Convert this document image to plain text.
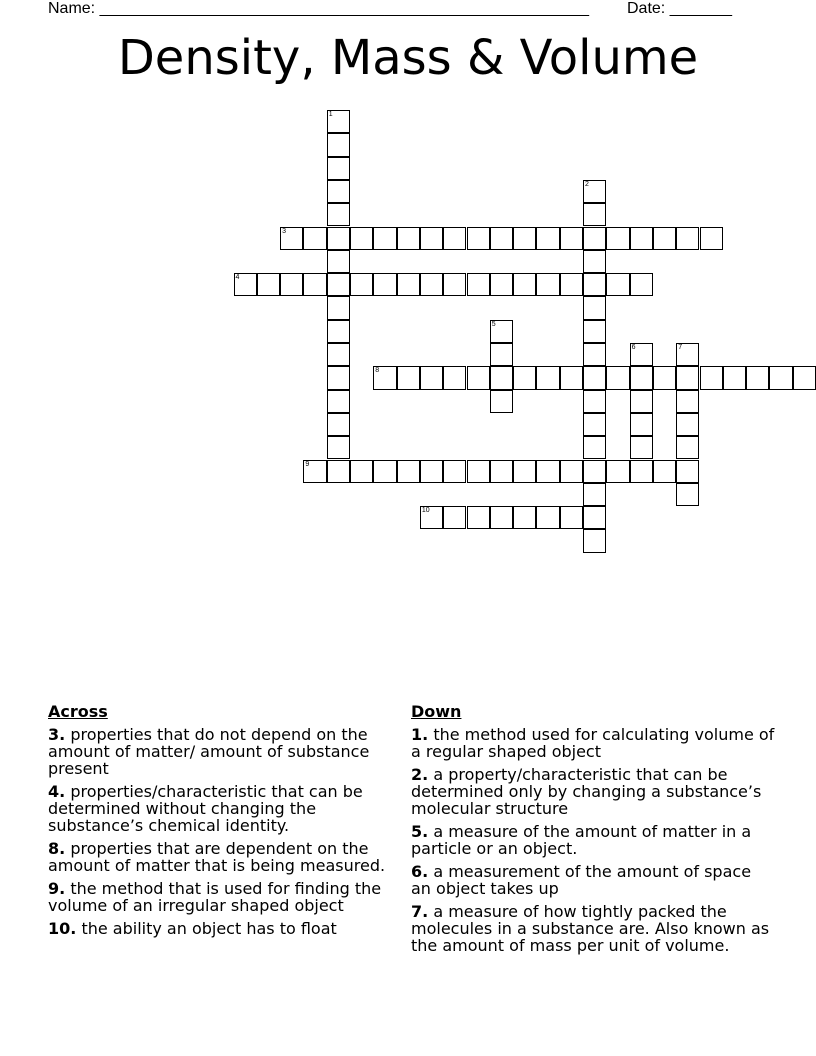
Name: _______________________________________________________ Date: _______
Density, Mass & Volume
3
4
8
9
10
1
2
5
6	7
Across
3. properties that do not depend on the amount of matter/ amount of substance present
4. properties/characteristic that can be determined without changing the substance’s chemical identity.
8. properties that are dependent on the amount of matter that is being measured.
9. the method that is used for finding the volume of an irregular shaped object
10. the ability an object has to float
Down
1. the method used for calculating volume of a regular shaped object
2. a property/characteristic that can be determined only by changing a substance’s molecular structure
5. a measure of the amount of matter in a particle or an object.
6. a measurement of the amount of space an object takes up
7. a measure of how tightly packed the molecules in a substance are. Also known as the amount of mass per unit of volume.
